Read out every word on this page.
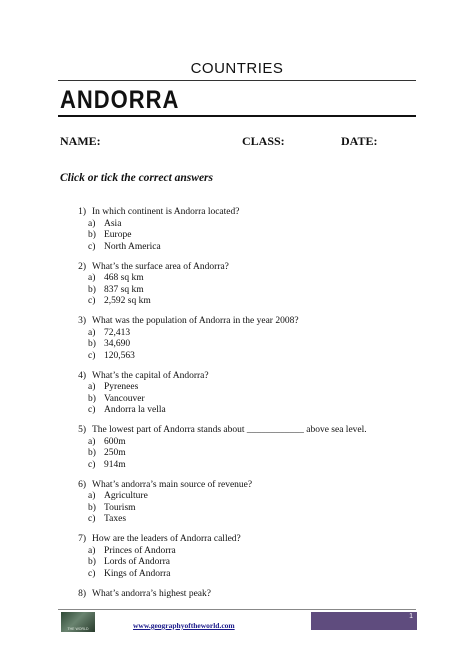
COUNTRIES
ANDORRA
NAME:	CLASS:	DATE:
Click or tick the correct answers
1) In which continent is Andorra located?
a) Asia
b) Europe
c) North America
2) What’s the surface area of Andorra?
a) 468 sq km
b) 837 sq km
c) 2,592 sq km
3) What was the population of Andorra in the year 2008?
a) 72,413
b) 34,690
c) 120,563
4) What’s the capital of Andorra?
a) Pyrenees
b) Vancouver
c) Andorra la vella
5) The lowest part of Andorra stands about ____________ above sea level.
a) 600m
b) 250m
c) 914m
6) What’s andorra’s main source of revenue?
a) Agriculture
b) Tourism
c) Taxes
7) How are the leaders of Andorra called?
a) Princes of Andorra
b) Lords of Andorra
c) Kings of Andorra
8) What’s andorra’s highest peak?
THE WORLD	www.geographyoftheworld.com
1
